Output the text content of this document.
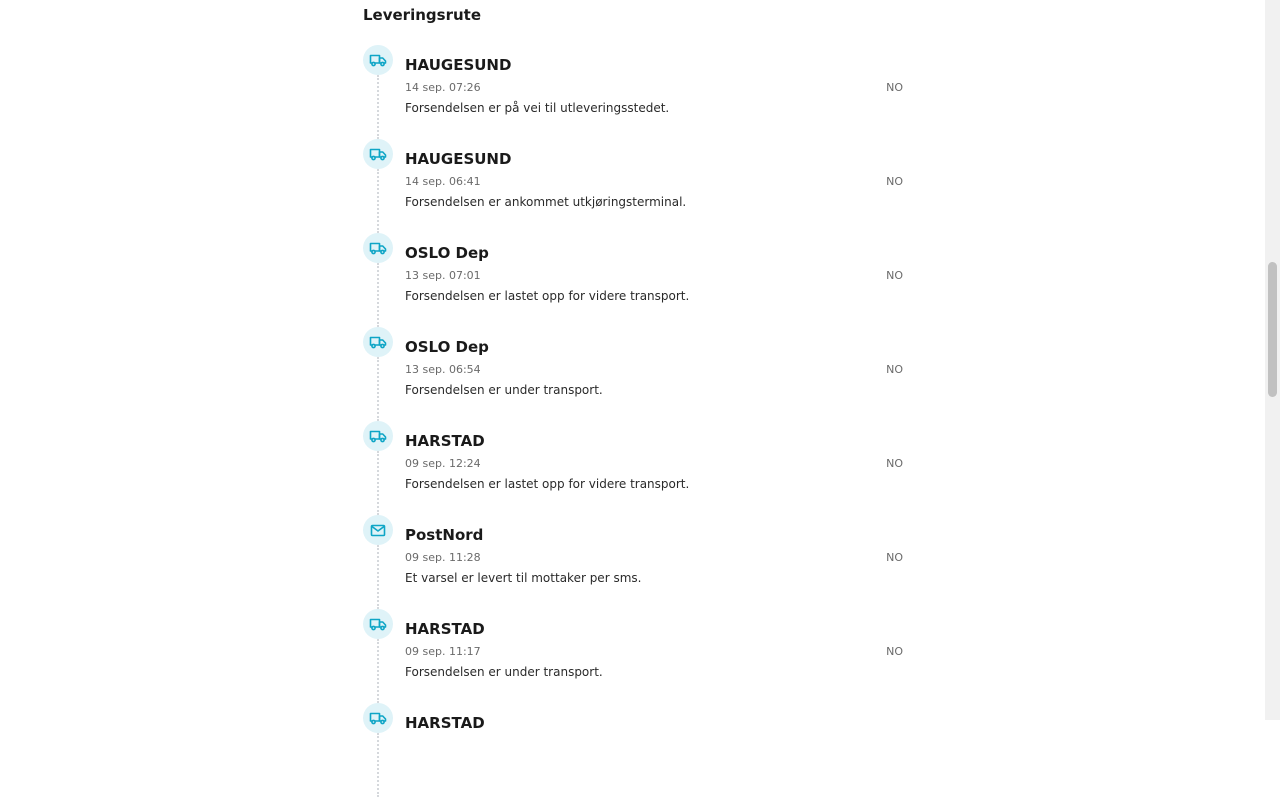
Leveringsrute
HAUGESUND
14 sep. 07:26	NO
Forsendelsen er på vei til utleveringsstedet.
HAUGESUND
14 sep. 06:41	NO
Forsendelsen er ankommet utkjøringsterminal.
OSLO Dep
13 sep. 07:01	NO
Forsendelsen er lastet opp for videre transport.
OSLO Dep
13 sep. 06:54	NO
Forsendelsen er under transport.
HARSTAD
09 sep. 12:24	NO
Forsendelsen er lastet opp for videre transport.
PostNord
09 sep. 11:28	NO
Et varsel er levert til mottaker per sms.
HARSTAD
09 sep. 11:17	NO
Forsendelsen er under transport.
HARSTAD
